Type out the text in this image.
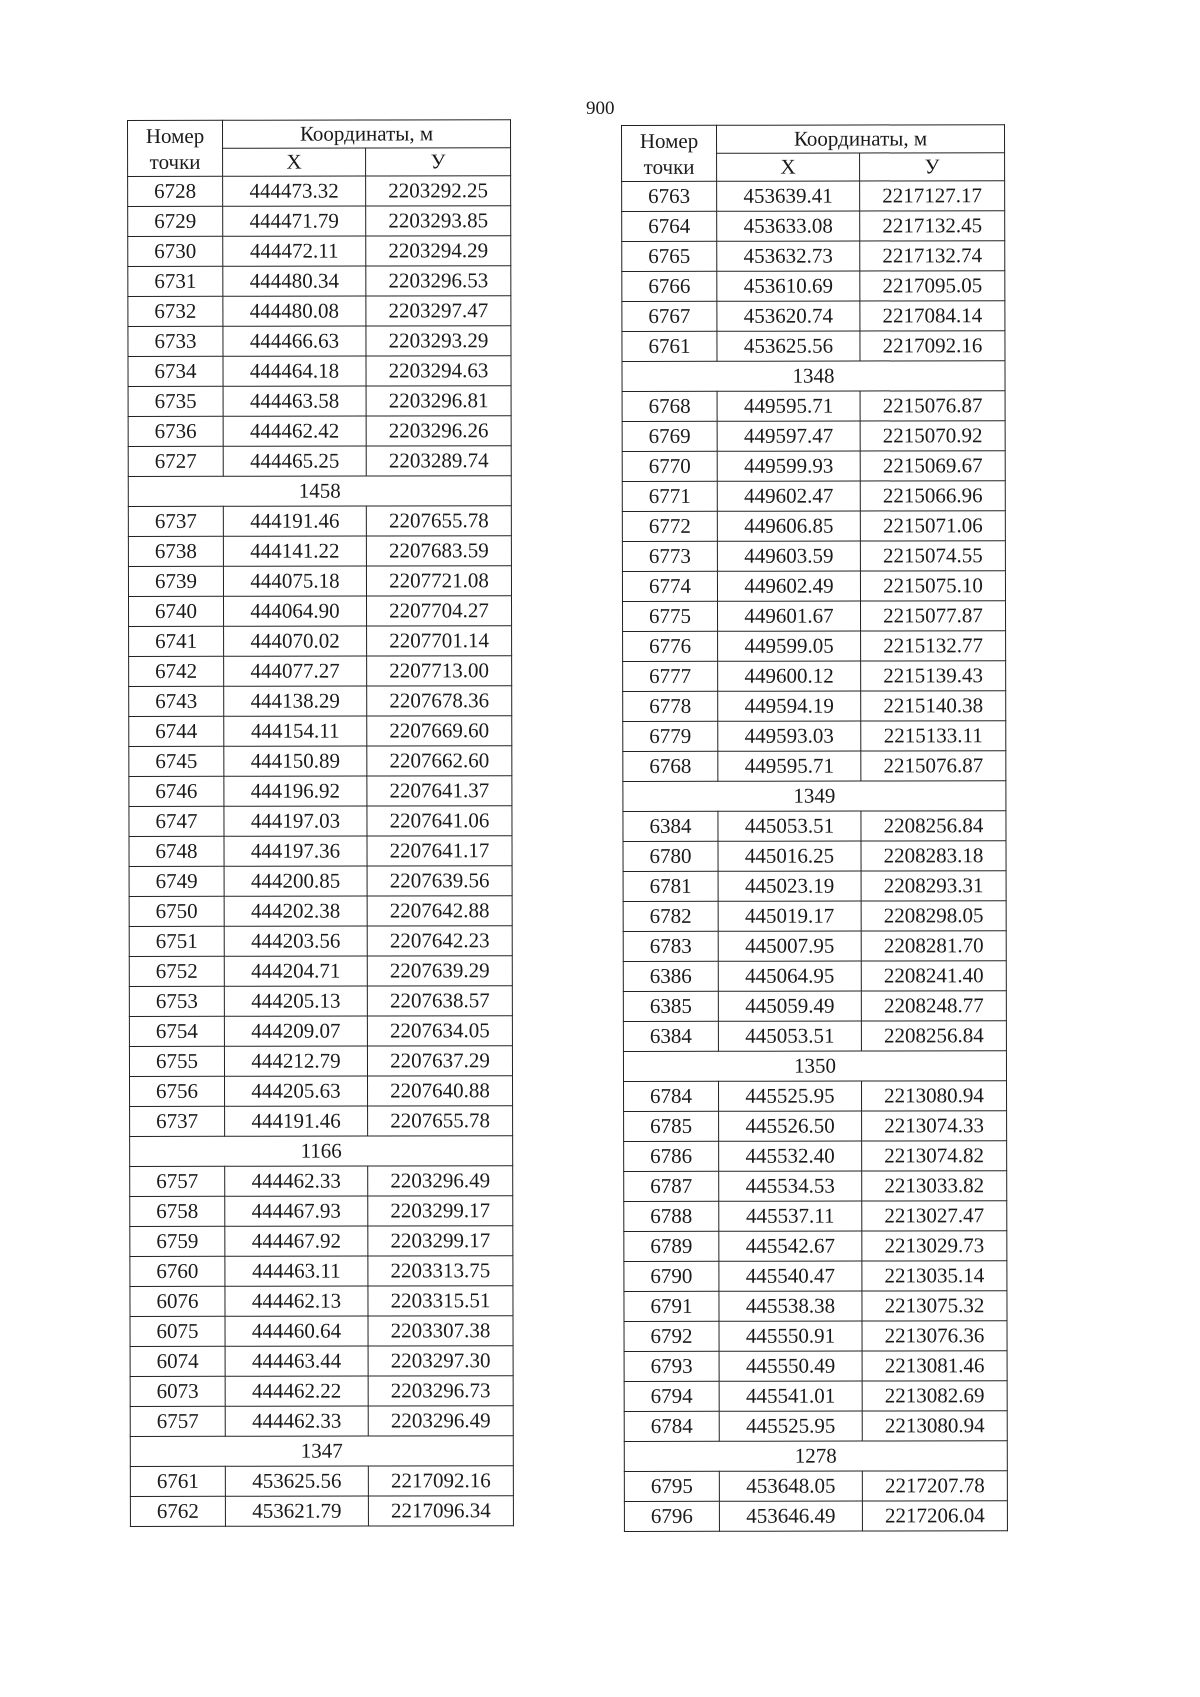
900
Номер точки	Координаты, м	
	X	У
6728	444473.32	2203292.25
6729	444471.79	2203293.85
6730	444472.11	2203294.29
6731	444480.34	2203296.53
6732	444480.08	2203297.47
6733	444466.63	2203293.29
6734	444464.18	2203294.63
6735	444463.58	2203296.81
6736	444462.42	2203296.26
6727	444465.25	2203289.74
1458		
6737	444191.46	2207655.78
6738	444141.22	2207683.59
6739	444075.18	2207721.08
6740	444064.90	2207704.27
6741	444070.02	2207701.14
6742	444077.27	2207713.00
6743	444138.29	2207678.36
6744	444154.11	2207669.60
6745	444150.89	2207662.60
6746	444196.92	2207641.37
6747	444197.03	2207641.06
6748	444197.36	2207641.17
6749	444200.85	2207639.56
6750	444202.38	2207642.88
6751	444203.56	2207642.23
6752	444204.71	2207639.29
6753	444205.13	2207638.57
6754	444209.07	2207634.05
6755	444212.79	2207637.29
6756	444205.63	2207640.88
6737	444191.46	2207655.78
1166		
6757	444462.33	2203296.49
6758	444467.93	2203299.17
6759	444467.92	2203299.17
6760	444463.11	2203313.75
6076	444462.13	2203315.51
6075	444460.64	2203307.38
6074	444463.44	2203297.30
6073	444462.22	2203296.73
6757	444462.33	2203296.49
1347		
6761	453625.56	2217092.16
6762	453621.79	2217096.34
Номер точки	Координаты, м	
	X	У
6763	453639.41	2217127.17
6764	453633.08	2217132.45
6765	453632.73	2217132.74
6766	453610.69	2217095.05
6767	453620.74	2217084.14
6761	453625.56	2217092.16
1348		
6768	449595.71	2215076.87
6769	449597.47	2215070.92
6770	449599.93	2215069.67
6771	449602.47	2215066.96
6772	449606.85	2215071.06
6773	449603.59	2215074.55
6774	449602.49	2215075.10
6775	449601.67	2215077.87
6776	449599.05	2215132.77
6777	449600.12	2215139.43
6778	449594.19	2215140.38
6779	449593.03	2215133.11
6768	449595.71	2215076.87
1349		
6384	445053.51	2208256.84
6780	445016.25	2208283.18
6781	445023.19	2208293.31
6782	445019.17	2208298.05
6783	445007.95	2208281.70
6386	445064.95	2208241.40
6385	445059.49	2208248.77
6384	445053.51	2208256.84
1350		
6784	445525.95	2213080.94
6785	445526.50	2213074.33
6786	445532.40	2213074.82
6787	445534.53	2213033.82
6788	445537.11	2213027.47
6789	445542.67	2213029.73
6790	445540.47	2213035.14
6791	445538.38	2213075.32
6792	445550.91	2213076.36
6793	445550.49	2213081.46
6794	445541.01	2213082.69
6784	445525.95	2213080.94
1278		
6795	453648.05	2217207.78
6796	453646.49	2217206.04
